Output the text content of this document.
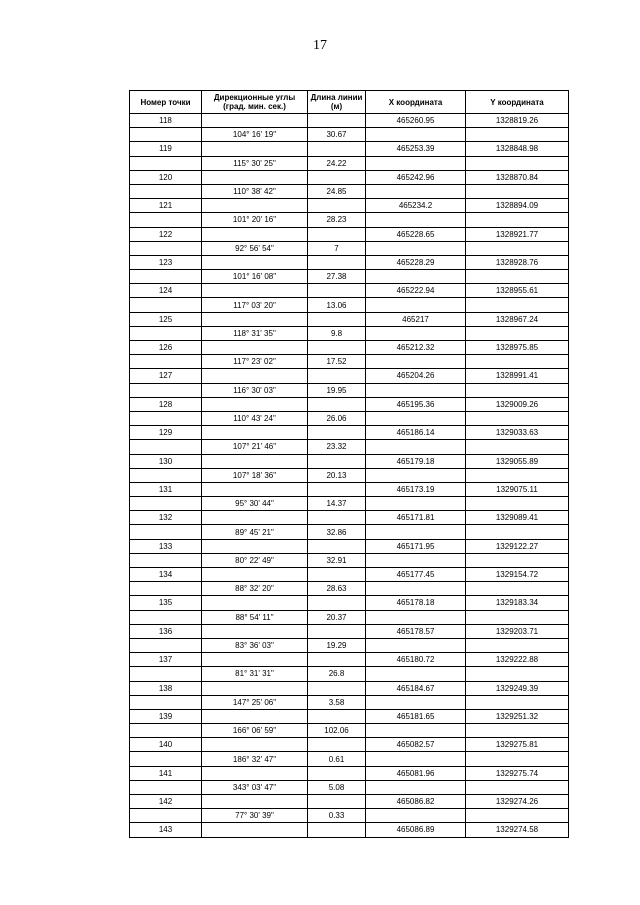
17
Номер точки	Дирекционные углы (град. мин. сек.)	Длина линии (м)	X координата	Y координата
118			465260.95	1328819.26
	104° 16' 19"	30.67		
119			465253.39	1328848.98
	115° 30' 25"	24.22		
120			465242.96	1328870.84
	110° 38' 42"	24.85		
121			465234.2	1328894.09
	101° 20' 16"	28.23		
122			465228.65	1328921.77
	92° 56' 54"	7		
123			465228.29	1328928.76
	101° 16' 08"	27.38		
124			465222.94	1328955.61
	117° 03' 20"	13.06		
125			465217	1328967.24
	118° 31' 35"	9.8		
126			465212.32	1328975.85
	117° 23' 02"	17.52		
127			465204.26	1328991.41
	116° 30' 03"	19.95		
128			465195.36	1329009.26
	110° 43' 24"	26.06		
129			465186.14	1329033.63
	107° 21' 46"	23.32		
130			465179.18	1329055.89
	107° 18' 36"	20.13		
131			465173.19	1329075.11
	95° 30' 44"	14.37		
132			465171.81	1329089.41
	89° 45' 21"	32.86		
133			465171.95	1329122.27
	80° 22' 49"	32.91		
134			465177.45	1329154.72
	88° 32' 20"	28.63		
135			465178.18	1329183.34
	88° 54' 11"	20.37		
136			465178.57	1329203.71
	83° 36' 03"	19.29		
137			465180.72	1329222.88
	81° 31' 31"	26.8		
138			465184.67	1329249.39
	147° 25' 06"	3.58		
139			465181.65	1329251.32
	166° 06' 59"	102.06		
140			465082.57	1329275.81
	186° 32' 47"	0.61		
141			465081.96	1329275.74
	343° 03' 47"	5.08		
142			465086.82	1329274.26
	77° 30' 39"	0.33		
143			465086.89	1329274.58
